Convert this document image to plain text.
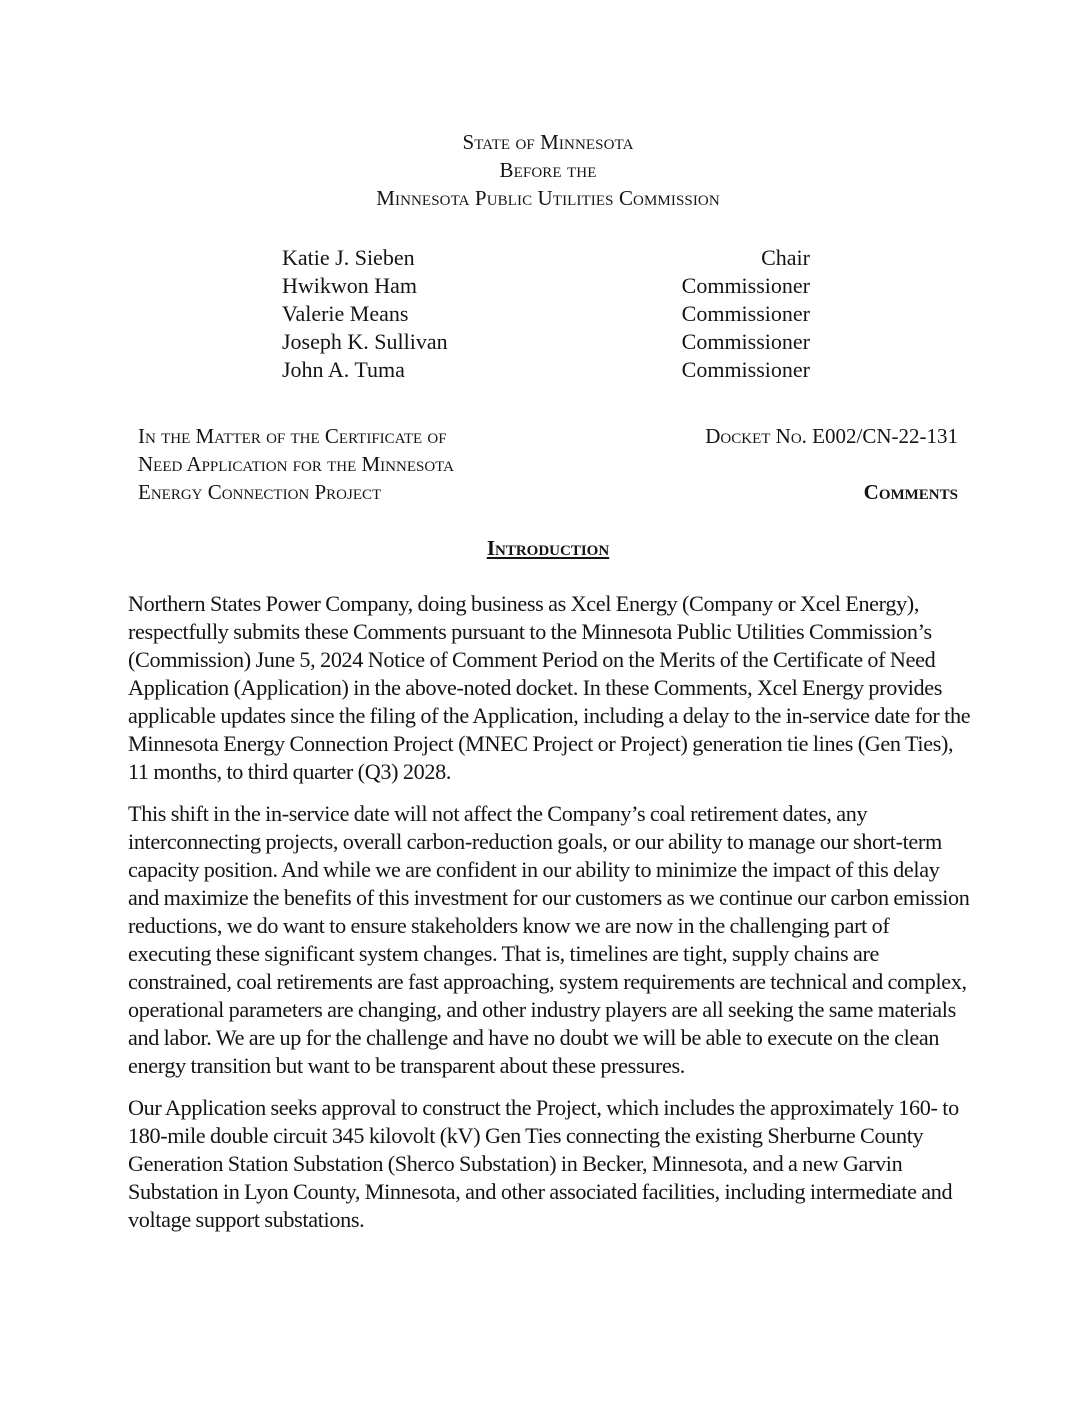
State of Minnesota
Before the
Minnesota Public Utilities Commission
Katie J. Sieben	Chair
Hwikwon Ham	Commissioner
Valerie Means	Commissioner
Joseph K. Sullivan	Commissioner
John A. Tuma	Commissioner
In the Matter of the Certificate of
Need Application for the Minnesota
Energy Connection Project
Docket No. E002/CN-22-131
Comments
Introduction

Northern States Power Company, doing business as Xcel Energy (Company or Xcel Energy), respectfully submits these Comments pursuant to the Minnesota Public Utilities Commission’s (Commission) June 5, 2024 Notice of Comment Period on the Merits of the Certificate of Need Application (Application) in the above-noted docket. In these Comments, Xcel Energy provides applicable updates since the filing of the Application, including a delay to the in-service date for the Minnesota Energy Connection Project (MNEC Project or Project) generation tie lines (Gen Ties), 11 months, to third quarter (Q3) 2028.

This shift in the in-service date will not affect the Company’s coal retirement dates, any interconnecting projects, overall carbon-reduction goals, or our ability to manage our short-term capacity position. And while we are confident in our ability to minimize the impact of this delay and maximize the benefits of this investment for our customers as we continue our carbon emission reductions, we do want to ensure stakeholders know we are now in the challenging part of executing these significant system changes. That is, timelines are tight, supply chains are constrained, coal retirements are fast approaching, system requirements are technical and complex, operational parameters are changing, and other industry players are all seeking the same materials and labor. We are up for the challenge and have no doubt we will be able to execute on the clean energy transition but want to be transparent about these pressures.

Our Application seeks approval to construct the Project, which includes the approximately 160- to 180-mile double circuit 345 kilovolt (kV) Gen Ties connecting the existing Sherburne County Generation Station Substation (Sherco Substation) in Becker, Minnesota, and a new Garvin Substation in Lyon County, Minnesota, and other associated facilities, including intermediate and voltage support substations.
